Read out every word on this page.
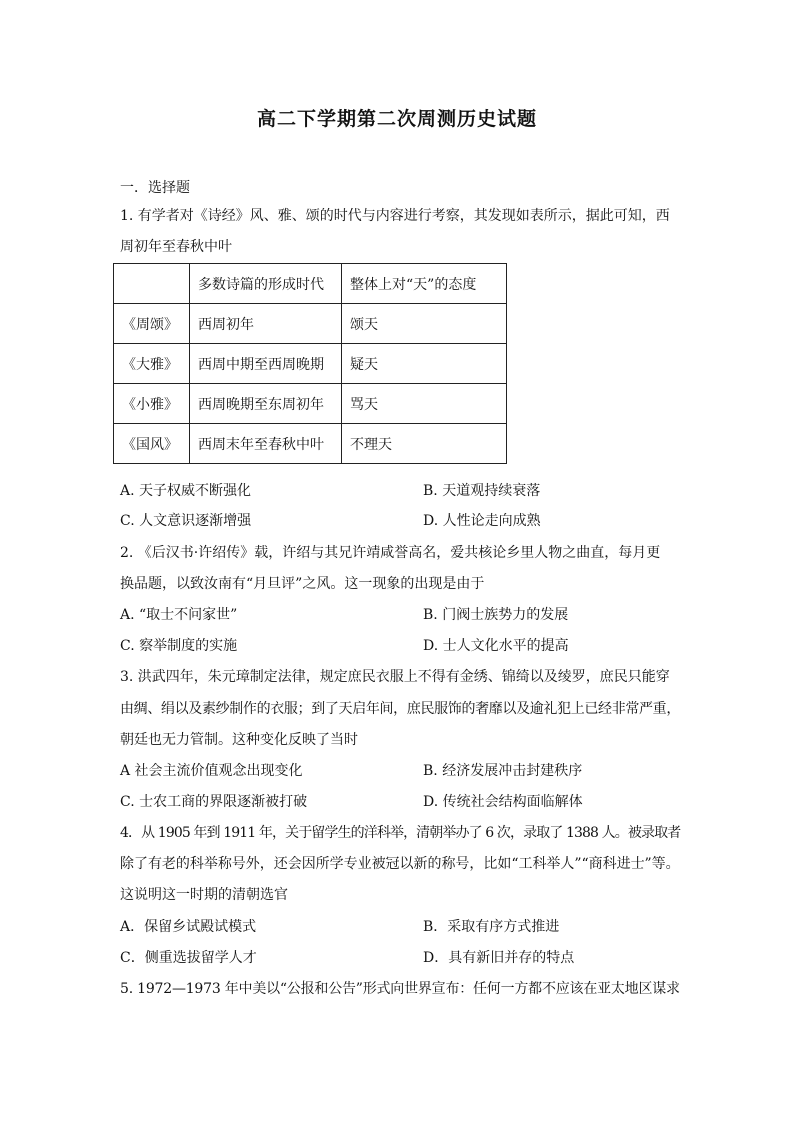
高二下学期第二次周测历史试题
一．选择题
1. 有学者对《诗经》风、雅、颂的时代与内容进行考察，其发现如表所示，据此可知，西
周初年至春秋中叶
	多数诗篇的形成时代	整体上对“天”的态度
《周颂》	西周初年	颂天
《大雅》	西周中期至西周晚期	疑天
《小雅》	西周晚期至东周初年	骂天
《国风》	西周末年至春秋中叶	不理天
A. 天子权威不断强化	B. 天道观持续衰落
C. 人文意识逐渐增强	D. 人性论走向成熟
2. 《后汉书·许绍传》载，许绍与其兄许靖咸誉高名，爱共核论乡里人物之曲直，每月更
换品题，以致汝南有“月旦评”之风。这一现象的出现是由于
A. “取士不问家世”	B. 门阀士族势力的发展
C. 察举制度的实施	D. 士人文化水平的提高
3. 洪武四年，朱元璋制定法律，规定庶民衣服上不得有金绣、锦绮以及绫罗，庶民只能穿
由绸、绢以及素纱制作的衣服；到了天启年间，庶民服饰的奢靡以及逾礼犯上已经非常严重，
朝廷也无力管制。这种变化反映了当时
A 社会主流价值观念出现变化	B. 经济发展冲击封建秩序
C. 士农工商的界限逐渐被打破	D. 传统社会结构面临解体
4．从 1905 年到 1911 年，关于留学生的洋科举，清朝举办了 6 次，录取了 1388 人。被录取者
除了有老的科举称号外，还会因所学专业被冠以新的称号，比如“工科举人”“商科进士”等。
这说明这一时期的清朝选官
A．保留乡试殿试模式	B．采取有序方式推进
C．侧重选拔留学人才	D．具有新旧并存的特点
5. 1972—1973 年中美以“公报和公告”形式向世界宣布：任何一方都不应该在亚太地区谋求
